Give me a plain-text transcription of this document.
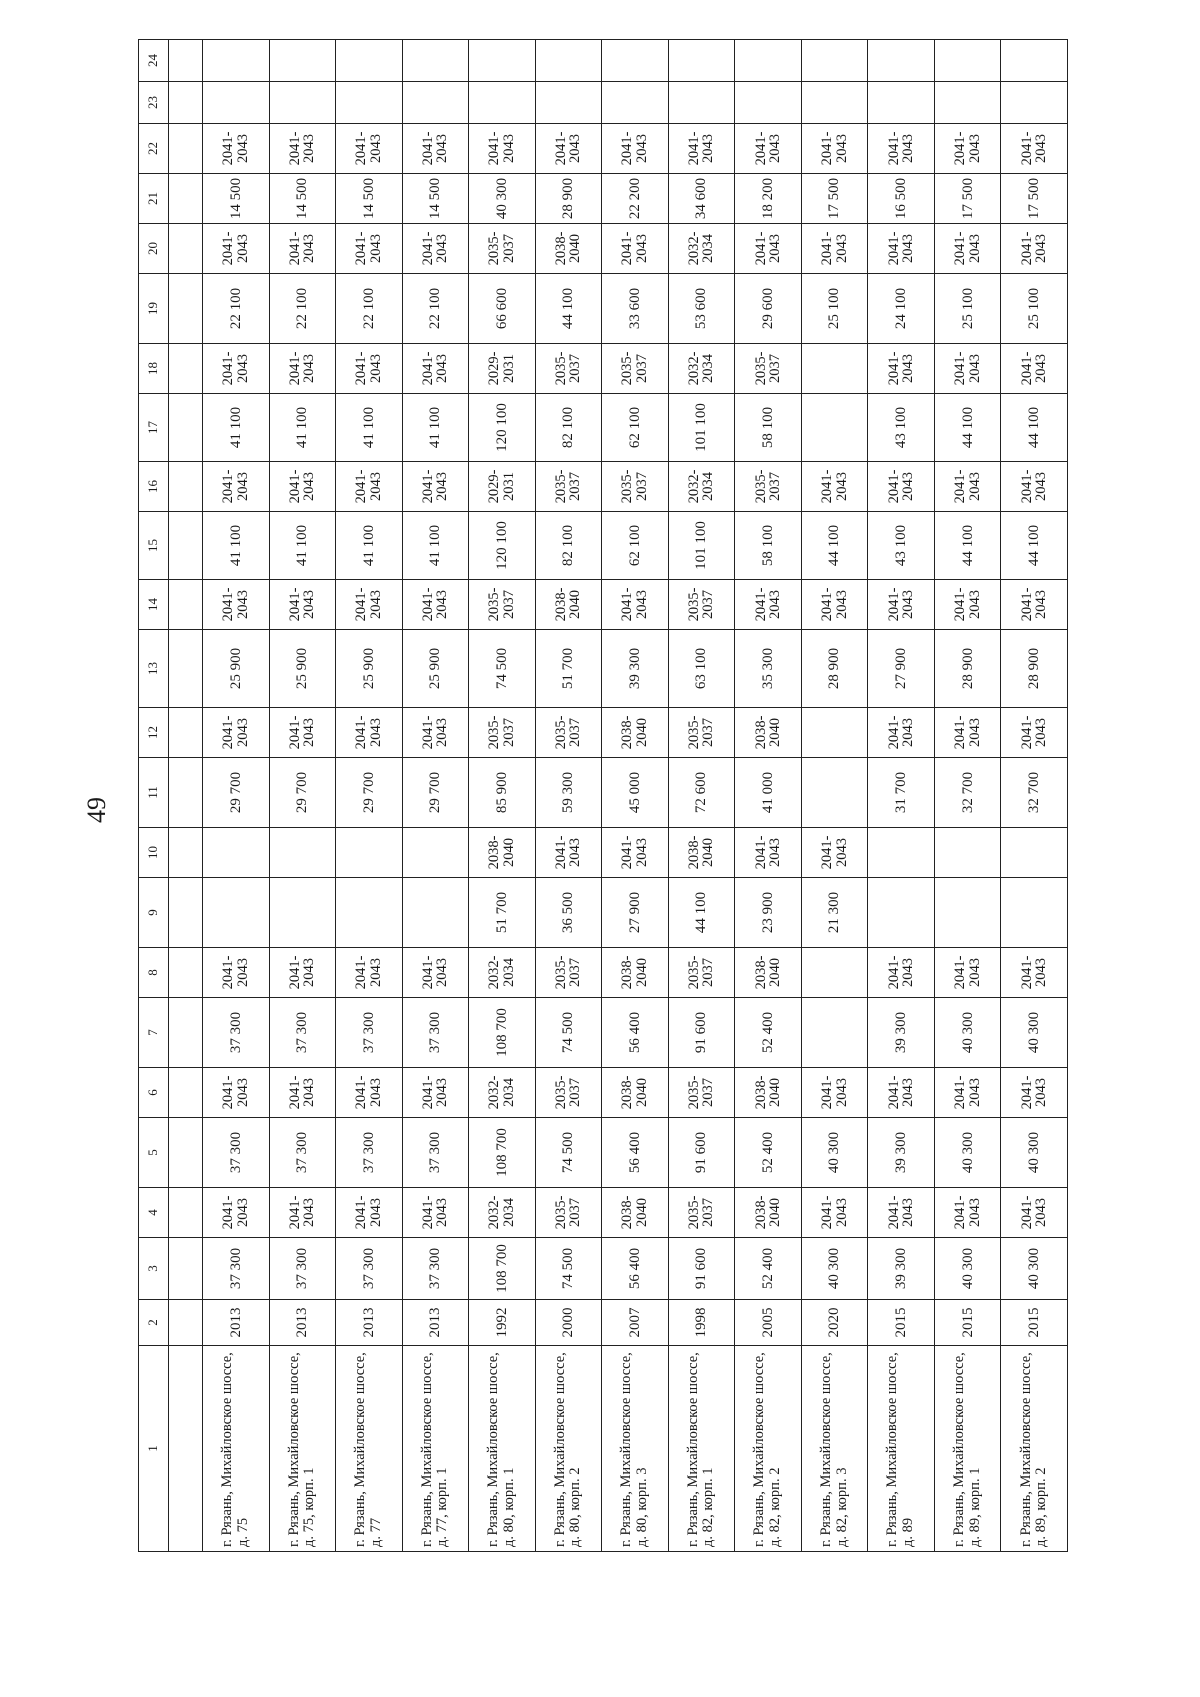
49
1	2	3	4	5	6	7	8	9	10	11	12	13	14	15	16	17	18	19	20	21	22	23	24

г. Рязань, Михайловское шоссе, д. 75	2013	37 300	2041-2043	37 300	2041-2043	37 300	2041-2043			29 700	2041-2043	25 900	2041-2043	41 100	2041-2043	41 100	2041-2043	22 100	2041-2043	14 500	2041-2043		
г. Рязань, Михайловское шоссе, д. 75, корп. 1	2013	37 300	2041-2043	37 300	2041-2043	37 300	2041-2043			29 700	2041-2043	25 900	2041-2043	41 100	2041-2043	41 100	2041-2043	22 100	2041-2043	14 500	2041-2043		
г. Рязань, Михайловское шоссе, д. 77	2013	37 300	2041-2043	37 300	2041-2043	37 300	2041-2043			29 700	2041-2043	25 900	2041-2043	41 100	2041-2043	41 100	2041-2043	22 100	2041-2043	14 500	2041-2043		
г. Рязань, Михайловское шоссе, д. 77, корп. 1	2013	37 300	2041-2043	37 300	2041-2043	37 300	2041-2043			29 700	2041-2043	25 900	2041-2043	41 100	2041-2043	41 100	2041-2043	22 100	2041-2043	14 500	2041-2043		
г. Рязань, Михайловское шоссе, д. 80, корп. 1	1992	108 700	2032-2034	108 700	2032-2034	108 700	2032-2034	51 700	2038-2040	85 900	2035-2037	74 500	2035-2037	120 100	2029-2031	120 100	2029-2031	66 600	2035-2037	40 300	2041-2043		
г. Рязань, Михайловское шоссе, д. 80, корп. 2	2000	74 500	2035-2037	74 500	2035-2037	74 500	2035-2037	36 500	2041-2043	59 300	2035-2037	51 700	2038-2040	82 100	2035-2037	82 100	2035-2037	44 100	2038-2040	28 900	2041-2043		
г. Рязань, Михайловское шоссе, д. 80, корп. 3	2007	56 400	2038-2040	56 400	2038-2040	56 400	2038-2040	27 900	2041-2043	45 000	2038-2040	39 300	2041-2043	62 100	2035-2037	62 100	2035-2037	33 600	2041-2043	22 200	2041-2043		
г. Рязань, Михайловское шоссе, д. 82, корп. 1	1998	91 600	2035-2037	91 600	2035-2037	91 600	2035-2037	44 100	2038-2040	72 600	2035-2037	63 100	2035-2037	101 100	2032-2034	101 100	2032-2034	53 600	2032-2034	34 600	2041-2043		
г. Рязань, Михайловское шоссе, д. 82, корп. 2	2005	52 400	2038-2040	52 400	2038-2040	52 400	2038-2040	23 900	2041-2043	41 000	2038-2040	35 300	2041-2043	58 100	2035-2037	58 100	2035-2037	29 600	2041-2043	18 200	2041-2043		
г. Рязань, Михайловское шоссе, д. 82, корп. 3	2020	40 300	2041-2043	40 300	2041-2043			21 300	2041-2043			28 900	2041-2043	44 100	2041-2043			25 100	2041-2043	17 500	2041-2043		
г. Рязань, Михайловское шоссе, д. 89	2015	39 300	2041-2043	39 300	2041-2043	39 300	2041-2043			31 700	2041-2043	27 900	2041-2043	43 100	2041-2043	43 100	2041-2043	24 100	2041-2043	16 500	2041-2043		
г. Рязань, Михайловское шоссе, д. 89, корп. 1	2015	40 300	2041-2043	40 300	2041-2043	40 300	2041-2043			32 700	2041-2043	28 900	2041-2043	44 100	2041-2043	44 100	2041-2043	25 100	2041-2043	17 500	2041-2043		
г. Рязань, Михайловское шоссе, д. 89, корп. 2	2015	40 300	2041-2043	40 300	2041-2043	40 300	2041-2043			32 700	2041-2043	28 900	2041-2043	44 100	2041-2043	44 100	2041-2043	25 100	2041-2043	17 500	2041-2043		
